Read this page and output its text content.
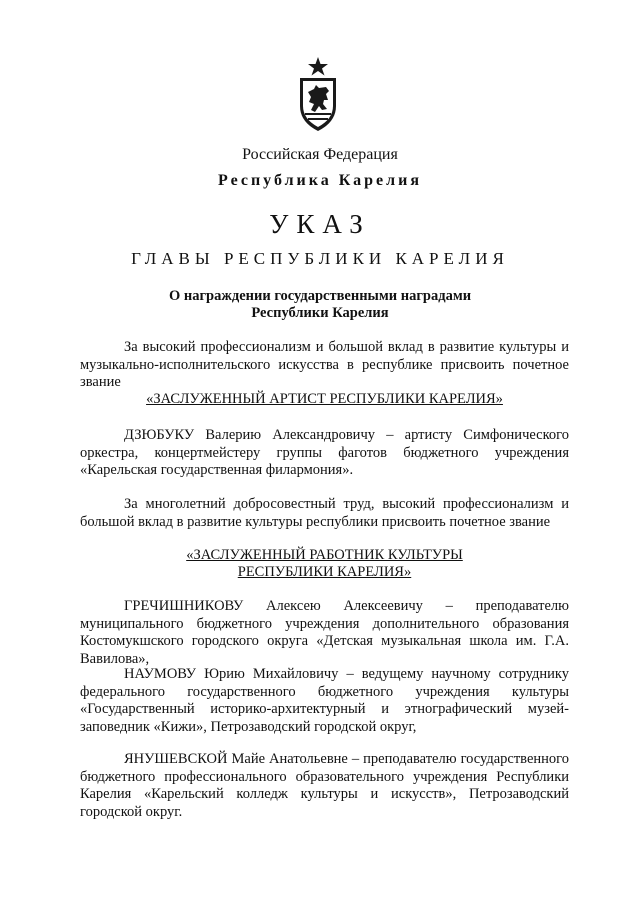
Российская Федерация
Республика Карелия
УКАЗ
ГЛАВЫ РЕСПУБЛИКИ КАРЕЛИЯ
О награждении государственными наградами
Республики Карелия

За высокий профессионализм и большой вклад в развитие культуры и музыкально-исполнительского искусства в республике присвоить почетное звание

«ЗАСЛУЖЕННЫЙ АРТИСТ РЕСПУБЛИКИ КАРЕЛИЯ»

ДЗЮБУКУ Валерию Александровичу – артисту Симфонического оркестра, концертмейстеру группы фаготов бюджетного учреждения «Карельская государственная филармония».

За многолетний добросовестный труд, высокий профессионализм и большой вклад в развитие культуры республики присвоить почетное звание

«ЗАСЛУЖЕННЫЙ РАБОТНИК КУЛЬТУРЫ
РЕСПУБЛИКИ КАРЕЛИЯ»

ГРЕЧИШНИКОВУ Алексею Алексеевичу – преподавателю муниципального бюджетного учреждения дополнительного образования Костомукшского городского округа «Детская музыкальная школа им. Г.А. Вавилова»,

НАУМОВУ Юрию Михайловичу – ведущему научному сотруднику федерального государственного бюджетного учреждения культуры «Государственный историко-архитектурный и этнографический музей-заповедник «Кижи», Петрозаводский городской округ,

ЯНУШЕВСКОЙ Майе Анатольевне – преподавателю государственного бюджетного профессионального образовательного учреждения Республики Карелия «Карельский колледж культуры и искусств», Петрозаводский городской округ.
